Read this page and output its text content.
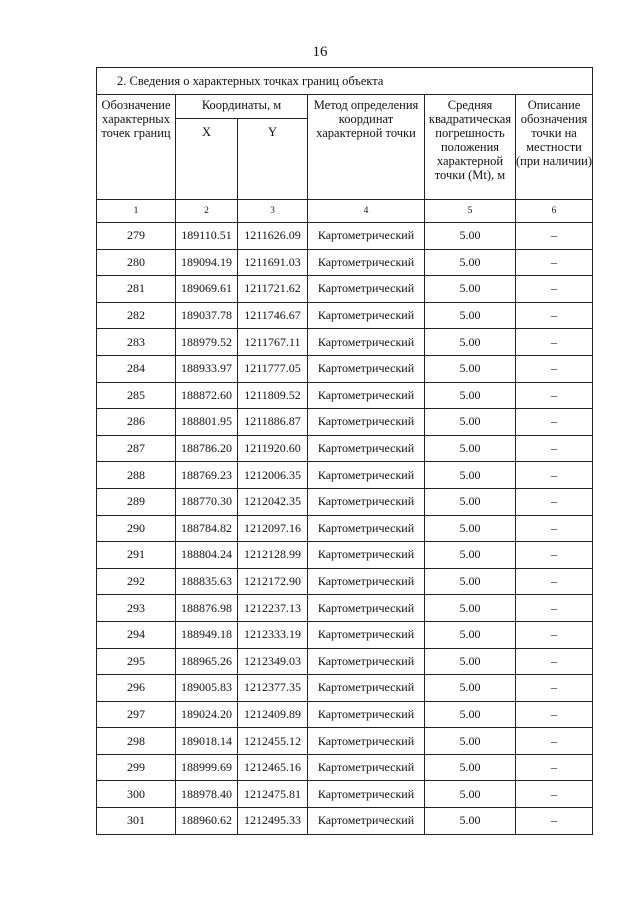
16
2. Сведения о характерных точках границ объекта					
Обозначение характерных точек границ	Координаты, м		Метод определения координат характерной точки	Средняя квадратическая погрешность положения характерной точки (Mt), м	Описание обозначения точки на местности (при наличии)
	X	Y			
1	2	3	4	5	6
279	189110.51	1211626.09	Картометрический	5.00	–
280	189094.19	1211691.03	Картометрический	5.00	–
281	189069.61	1211721.62	Картометрический	5.00	–
282	189037.78	1211746.67	Картометрический	5.00	–
283	188979.52	1211767.11	Картометрический	5.00	–
284	188933.97	1211777.05	Картометрический	5.00	–
285	188872.60	1211809.52	Картометрический	5.00	–
286	188801.95	1211886.87	Картометрический	5.00	–
287	188786.20	1211920.60	Картометрический	5.00	–
288	188769.23	1212006.35	Картометрический	5.00	–
289	188770.30	1212042.35	Картометрический	5.00	–
290	188784.82	1212097.16	Картометрический	5.00	–
291	188804.24	1212128.99	Картометрический	5.00	–
292	188835.63	1212172.90	Картометрический	5.00	–
293	188876.98	1212237.13	Картометрический	5.00	–
294	188949.18	1212333.19	Картометрический	5.00	–
295	188965.26	1212349.03	Картометрический	5.00	–
296	189005.83	1212377.35	Картометрический	5.00	–
297	189024.20	1212409.89	Картометрический	5.00	–
298	189018.14	1212455.12	Картометрический	5.00	–
299	188999.69	1212465.16	Картометрический	5.00	–
300	188978.40	1212475.81	Картометрический	5.00	–
301	188960.62	1212495.33	Картометрический	5.00	–
